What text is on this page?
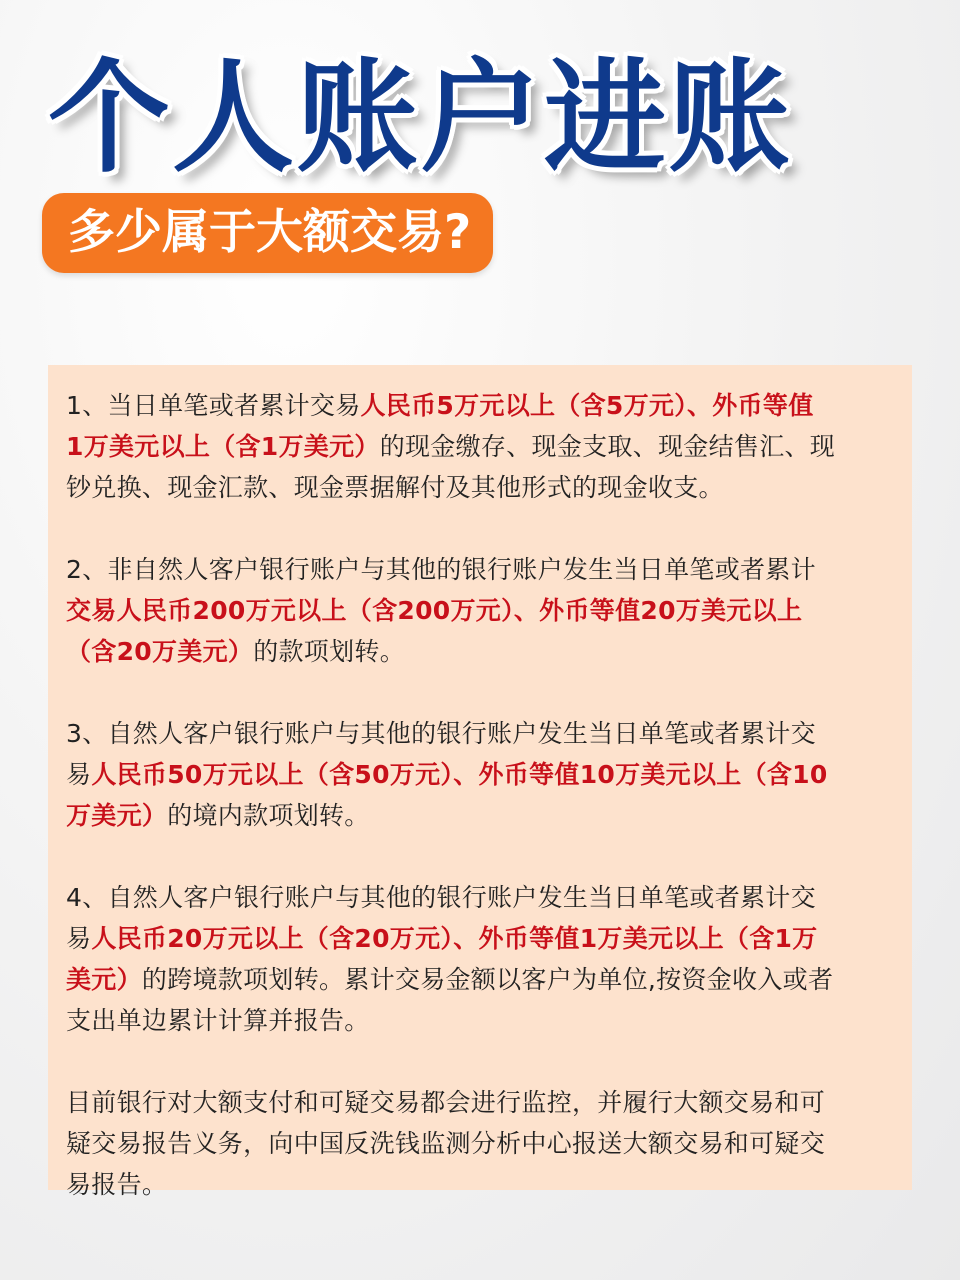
个人账户进账
多少属于大额交易?

1、当日单笔或者累计交易人民币5万元以上（含5万元）、外币等值
1万美元以上（含1万美元）的现金缴存、现金支取、现金结售汇、现
钞兑换、现金汇款、现金票据解付及其他形式的现金收支。

2、非自然人客户银行账户与其他的银行账户发生当日单笔或者累计
交易人民币200万元以上（含200万元）、外币等值20万美元以上
（含20万美元）的款项划转。

3、自然人客户银行账户与其他的银行账户发生当日单笔或者累计交
易人民币50万元以上（含50万元）、外币等值10万美元以上（含10
万美元）的境内款项划转。

4、自然人客户银行账户与其他的银行账户发生当日单笔或者累计交
易人民币20万元以上（含20万元）、外币等值1万美元以上（含1万
美元）的跨境款项划转。累计交易金额以客户为单位,按资金收入或者
支出单边累计计算并报告。

目前银行对大额支付和可疑交易都会进行监控，并履行大额交易和可
疑交易报告义务，向中国反洗钱监测分析中心报送大额交易和可疑交
易报告。
